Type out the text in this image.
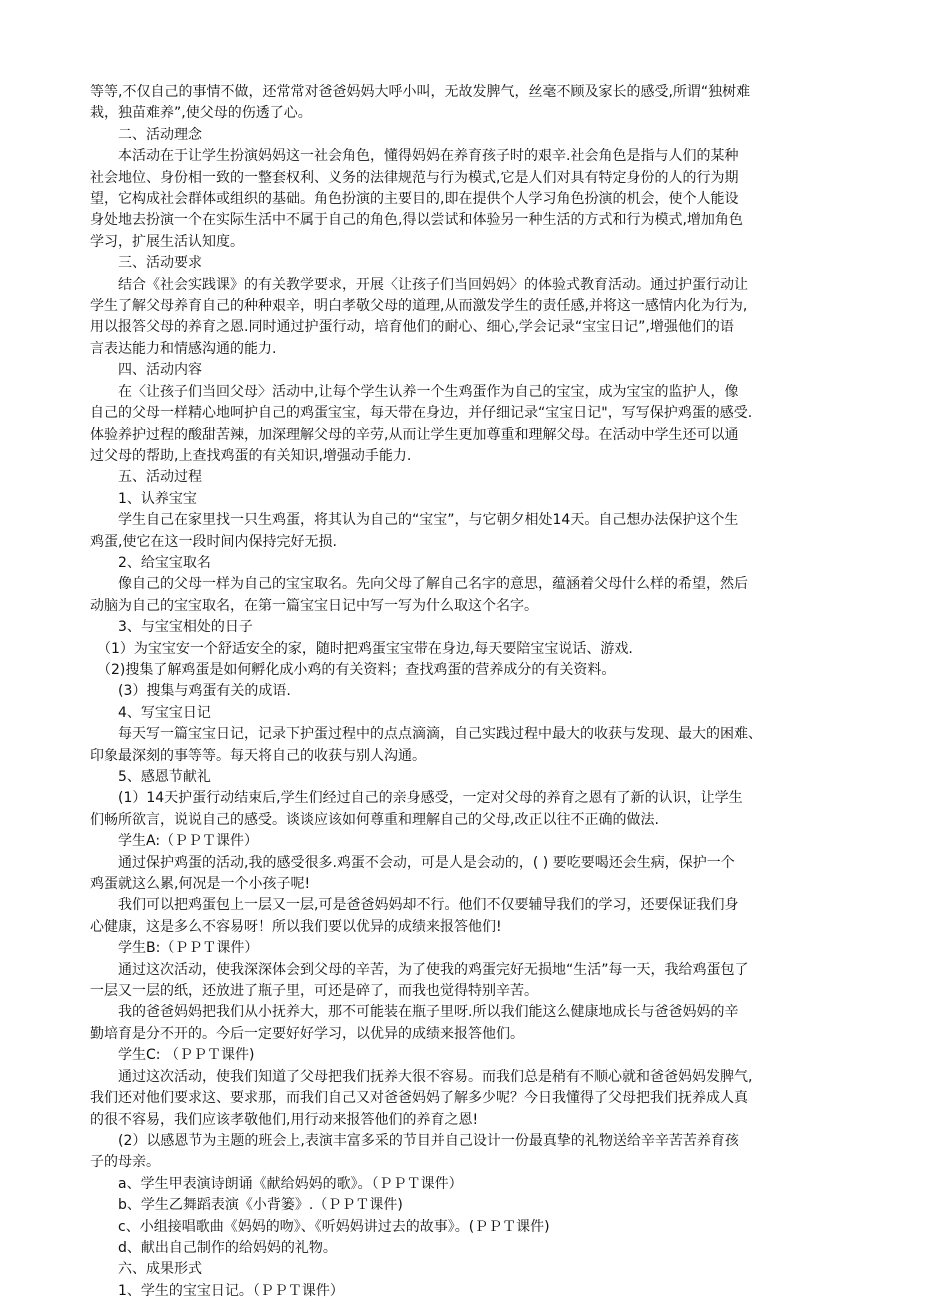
等等,不仅自己的事情不做，还常常对爸爸妈妈大呼小叫，无故发脾气，丝毫不顾及家长的感受,所谓“独树难

栽，独苗难养”,使父母的伤透了心。

　　二、活动理念

　　本活动在于让学生扮演妈妈这一社会角色，懂得妈妈在养育孩子时的艰辛.社会角色是指与人们的某种

社会地位、身份相一致的一整套权利、义务的法律规范与行为模式,它是人们对具有特定身份的人的行为期

望，它构成社会群体或组织的基础。角色扮演的主要目的,即在提供个人学习角色扮演的机会，使个人能设

身处地去扮演一个在实际生活中不属于自己的角色,得以尝试和体验另一种生活的方式和行为模式,增加角色

学习，扩展生活认知度。

　　三、活动要求

　　结合《社会实践课》的有关教学要求，开展〈让孩子们当回妈妈〉的体验式教育活动。通过护蛋行动让

学生了解父母养育自己的种种艰辛，明白孝敬父母的道理,从而激发学生的责任感,并将这一感情内化为行为,

用以报答父母的养育之恩.同时通过护蛋行动，培育他们的耐心、细心,学会记录“宝宝日记”,增强他们的语

言表达能力和情感沟通的能力.

　　四、活动内容

　　在〈让孩子们当回父母〉活动中,让每个学生认养一个生鸡蛋作为自己的宝宝，成为宝宝的监护人，像

自己的父母一样精心地呵护自己的鸡蛋宝宝，每天带在身边，并仔细记录“宝宝日记"，写写保护鸡蛋的感受.

体验养护过程的酸甜苦辣，加深理解父母的辛劳,从而让学生更加尊重和理解父母。在活动中学生还可以通

过父母的帮助,上查找鸡蛋的有关知识,增强动手能力.

　　五、活动过程

　　1、认养宝宝

　　学生自己在家里找一只生鸡蛋，将其认为自己的“宝宝”，与它朝夕相处14天。自己想办法保护这个生

鸡蛋,使它在这一段时间内保持完好无损.

　　2、给宝宝取名

　　像自己的父母一样为自己的宝宝取名。先向父母了解自己名字的意思，蕴涵着父母什么样的希望，然后

动脑为自己的宝宝取名，在第一篇宝宝日记中写一写为什么取这个名字。

　　3、与宝宝相处的日子

　（1）为宝宝安一个舒适安全的家，随时把鸡蛋宝宝带在身边,每天要陪宝宝说话、游戏.

　（2)搜集了解鸡蛋是如何孵化成小鸡的有关资料；查找鸡蛋的营养成分的有关资料。

　　(3）搜集与鸡蛋有关的成语.

　　4、写宝宝日记

　　每天写一篇宝宝日记，记录下护蛋过程中的点点滴滴，自己实践过程中最大的收获与发现、最大的困难、

印象最深刻的事等等。每天将自己的收获与别人沟通。

　　5、感恩节献礼

　　(1）14天护蛋行动结束后,学生们经过自己的亲身感受，一定对父母的养育之恩有了新的认识，让学生

们畅所欲言，说说自己的感受。谈谈应该如何尊重和理解自己的父母,改正以往不正确的做法.

　　学生A:（ＰＰＴ课件）

　　通过保护鸡蛋的活动,我的感受很多.鸡蛋不会动，可是人是会动的，( ) 要吃要喝还会生病，保护一个

鸡蛋就这么累,何况是一个小孩子呢!

　　我们可以把鸡蛋包上一层又一层,可是爸爸妈妈却不行。他们不仅要辅导我们的学习，还要保证我们身

心健康，这是多么不容易呀！所以我们要以优异的成绩来报答他们!

　　学生B:（ＰＰＴ课件）

　　通过这次活动，使我深深体会到父母的辛苦，为了使我的鸡蛋完好无损地“生活”每一天，我给鸡蛋包了

一层又一层的纸，还放进了瓶子里，可还是碎了，而我也觉得特别辛苦。

　　我的爸爸妈妈把我们从小抚养大，那不可能装在瓶子里呀.所以我们能这么健康地成长与爸爸妈妈的辛

勤培育是分不开的。今后一定要好好学习，以优异的成绩来报答他们。

　　学生C: （ＰＰＴ课件)

　　通过这次活动，使我们知道了父母把我们抚养大很不容易。而我们总是稍有不顺心就和爸爸妈妈发脾气,

我们还对他们要求这、要求那，而我们自己又对爸爸妈妈了解多少呢？今日我懂得了父母把我们抚养成人真

的很不容易，我们应该孝敬他们,用行动来报答他们的养育之恩!

　　(2）以感恩节为主题的班会上,表演丰富多采的节目并自己设计一份最真挚的礼物送给辛辛苦苦养育孩

子的母亲。

　　a、学生甲表演诗朗诵《献给妈妈的歌》。（ＰＰＴ课件）

　　b、学生乙舞蹈表演《小背篓》.（ＰＰＴ课件)

　　c、小组接唱歌曲《妈妈的吻》、《听妈妈讲过去的故事》。(ＰＰＴ课件)

　　d、献出自己制作的给妈妈的礼物。

　　六、成果形式

　　1、学生的宝宝日记。（ＰＰＴ课件）
